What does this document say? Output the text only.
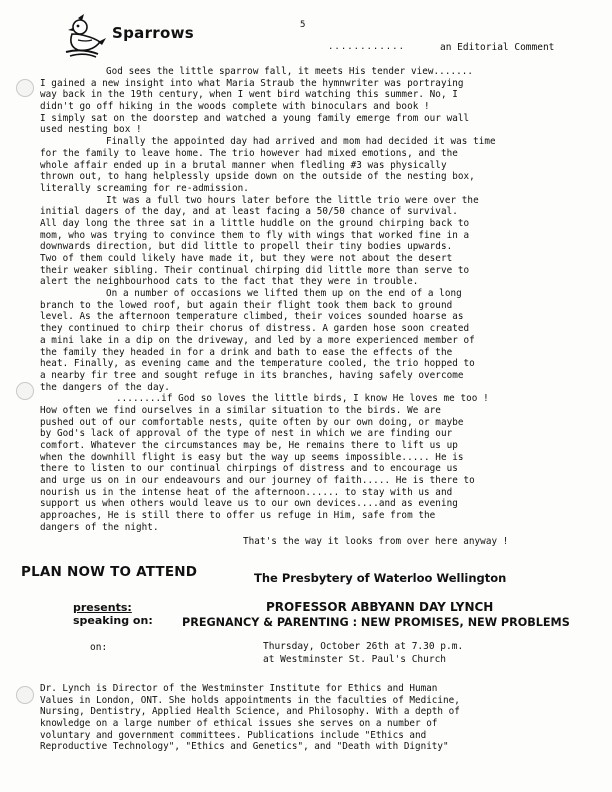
Sparrows	5
............	an Editorial Comment
God sees the little sparrow fall, it meets His tender view.......
I gained a new insight into what Maria Straub the hymnwriter was portraying
way back in the 19th century, when I went bird watching this summer. No, I
didn't go off hiking in the woods complete with binoculars and book !
I simply sat on the doorstep and watched a young family emerge from our wall
used nesting box !
Finally the appointed day had arrived and mom had decided it was time
for the family to leave home. The trio however had mixed emotions, and the
whole affair ended up in a brutal manner when fledling #3 was physically
thrown out, to hang helplessly upside down on the outside of the nesting box,
literally screaming for re-admission.
It was a full two hours later before the little trio were over the
initial dagers of the day, and at least facing a 50/50 chance of survival.
All day long the three sat in a little huddle on the ground chirping back to
mom, who was trying to convince them to fly with wings that worked fine in a
downwards direction, but did little to propell their tiny bodies upwards.
Two of them could likely have made it, but they were not about the desert
their weaker sibling. Their continual chirping did little more than serve to
alert the neighbourhood cats to the fact that they were in trouble.
On a number of occasions we lifted them up on the end of a long
branch to the lowed roof, but again their flight took them back to ground
level. As the afternoon temperature climbed, their voices sounded hoarse as
they continued to chirp their chorus of distress. A garden hose soon created
a mini lake in a dip on the driveway, and led by a more experienced member of
the family they headed in for a drink and bath to ease the effects of the
heat. Finally, as evening came and the temperature cooled, the trio hopped to
a nearby fir tree and sought refuge in its branches, having safely overcome
the dangers of the day.
........if God so loves the little birds, I know He loves me too !
How often we find ourselves in a similar situation to the birds. We are
pushed out of our comfortable nests, quite often by our own doing, or maybe
by God's lack of approval of the type of nest in which we are finding our
comfort. Whatever the circumstances may be, He remains there to lift us up
when the downhill flight is easy but the way up seems impossible..... He is
there to listen to our continual chirpings of distress and to encourage us
and urge us on in our endeavours and our journey of faith..... He is there to
nourish us in the intense heat of the afternoon...... to stay with us and
support us when others would leave us to our own devices....and as evening
approaches, He is still there to offer us refuge in Him, safe from the
dangers of the night.
That's the way it looks from over here anyway !
PLAN NOW TO ATTEND	The Presbytery of Waterloo Wellington
presents:	PROFESSOR ABBYANN DAY LYNCH
speaking on:	PREGNANCY & PARENTING : NEW PROMISES, NEW PROBLEMS
on:	Thursday, October 26th at 7.30 p.m.
at Westminster St. Paul's Church
Dr. Lynch is Director of the Westminster Institute for Ethics and Human
Values in London, ONT. She holds appointments in the faculties of Medicine,
Nursing, Dentistry, Applied Health Science, and Philosophy. With a depth of
knowledge on a large number of ethical issues she serves on a number of
voluntary and government committees. Publications include "Ethics and
Reproductive Technology", "Ethics and Genetics", and "Death with Dignity"
